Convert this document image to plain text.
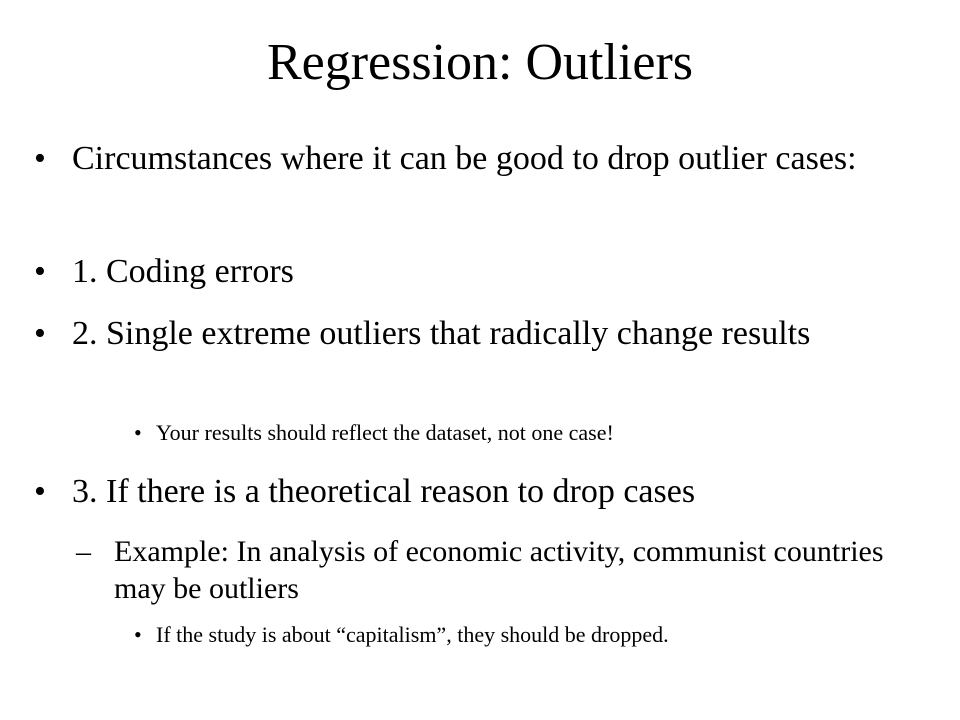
Regression: Outliers
• Circumstances where it can be good to drop outlier cases:
• 1. Coding errors
• 2. Single extreme outliers that radically change results
• Your results should reflect the dataset, not one case!
• 3. If there is a theoretical reason to drop cases
– Example: In analysis of economic activity, communist countries may be outliers
• If the study is about “capitalism”, they should be dropped.
